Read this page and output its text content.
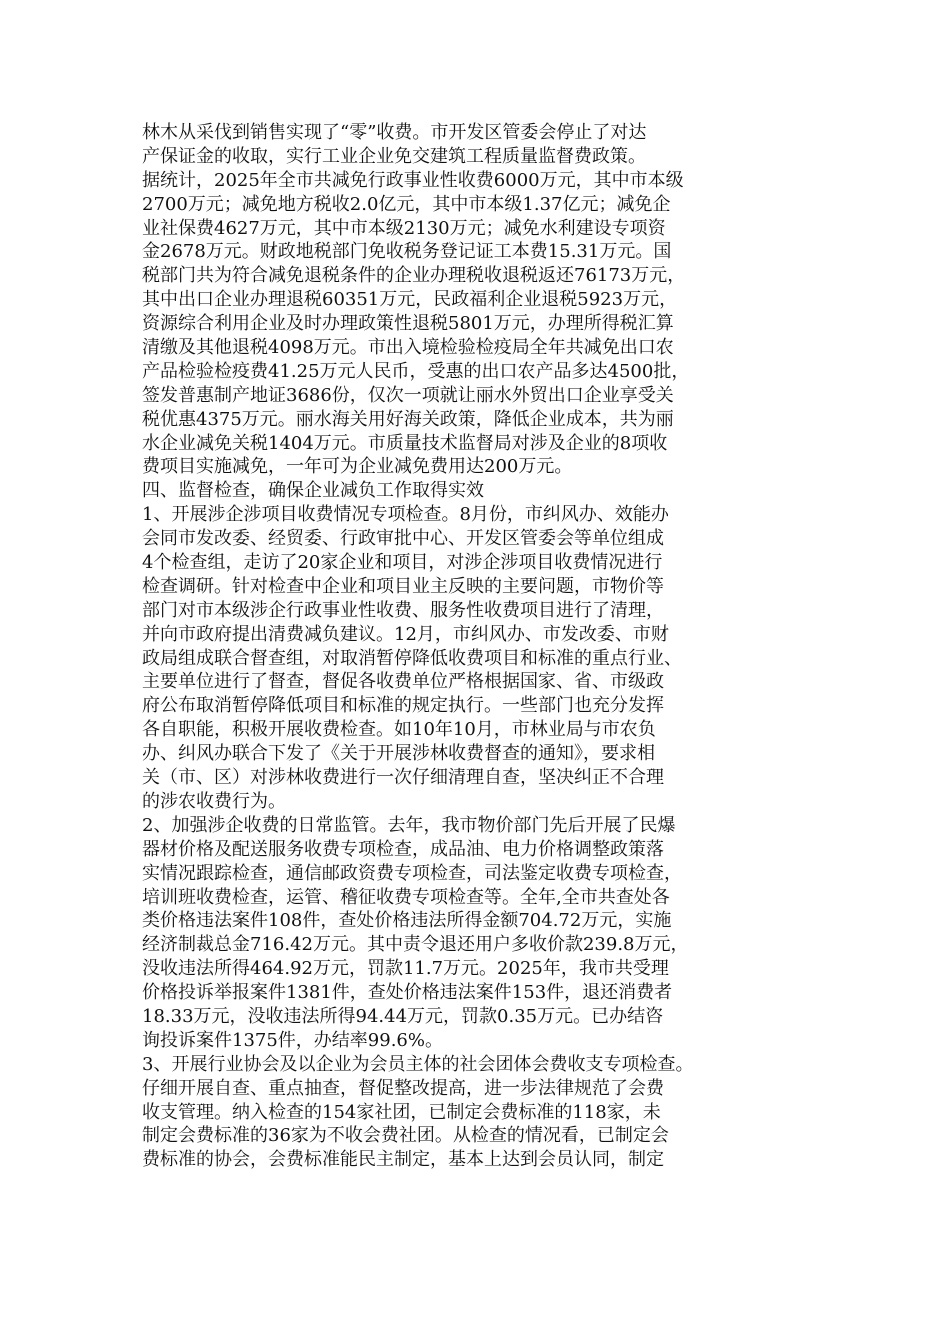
林木从采伐到销售实现了“零”收费。市开发区管委会停止了对达
产保证金的收取，实行工业企业免交建筑工程质量监督费政策。
据统计，2025年全市共减免行政事业性收费6000万元，其中市本级
2700万元；减免地方税收2.0亿元，其中市本级1.37亿元；减免企
业社保费4627万元，其中市本级2130万元；减免水利建设专项资
金2678万元。财政地税部门免收税务登记证工本费15.31万元。国
税部门共为符合减免退税条件的企业办理税收退税返还76173万元，
其中出口企业办理退税60351万元，民政福利企业退税5923万元，
资源综合利用企业及时办理政策性退税5801万元，办理所得税汇算
清缴及其他退税4098万元。市出入境检验检疫局全年共减免出口农
产品检验检疫费41.25万元人民币，受惠的出口农产品多达4500批，
签发普惠制产地证3686份，仅次一项就让丽水外贸出口企业享受关
税优惠4375万元。丽水海关用好海关政策，降低企业成本，共为丽
水企业减免关税1404万元。市质量技术监督局对涉及企业的8项收
费项目实施减免，一年可为企业减免费用达200万元。
四、监督检查，确保企业减负工作取得实效
1、开展涉企涉项目收费情况专项检查。8月份，市纠风办、效能办
会同市发改委、经贸委、行政审批中心、开发区管委会等单位组成
4个检查组，走访了20家企业和项目，对涉企涉项目收费情况进行
检查调研。针对检查中企业和项目业主反映的主要问题，市物价等
部门对市本级涉企行政事业性收费、服务性收费项目进行了清理，
并向市政府提出清费减负建议。12月，市纠风办、市发改委、市财
政局组成联合督查组，对取消暂停降低收费项目和标准的重点行业、
主要单位进行了督查，督促各收费单位严格根据国家、省、市级政
府公布取消暂停降低项目和标准的规定执行。一些部门也充分发挥
各自职能，积极开展收费检查。如10年10月，市林业局与市农负
办、纠风办联合下发了《关于开展涉林收费督查的通知》，要求相
关（市、区）对涉林收费进行一次仔细清理自查，坚决纠正不合理
的涉农收费行为。
2、加强涉企收费的日常监管。去年，我市物价部门先后开展了民爆
器材价格及配送服务收费专项检查，成品油、电力价格调整政策落
实情况跟踪检查，通信邮政资费专项检查，司法鉴定收费专项检查，
培训班收费检查，运管、稽征收费专项检查等。全年,全市共查处各
类价格违法案件108件，查处价格违法所得金额704.72万元，实施
经济制裁总金716.42万元。其中责令退还用户多收价款239.8万元，
没收违法所得464.92万元，罚款11.7万元。2025年，我市共受理
价格投诉举报案件1381件，查处价格违法案件153件，退还消费者
18.33万元，没收违法所得94.44万元，罚款0.35万元。已办结咨
询投诉案件1375件，办结率99.6%。
3、开展行业协会及以企业为会员主体的社会团体会费收支专项检查。
仔细开展自查、重点抽查，督促整改提高，进一步法律规范了会费
收支管理。纳入检查的154家社团，已制定会费标准的118家，未
制定会费标准的36家为不收会费社团。从检查的情况看，已制定会
费标准的协会，会费标准能民主制定，基本上达到会员认同，制定
